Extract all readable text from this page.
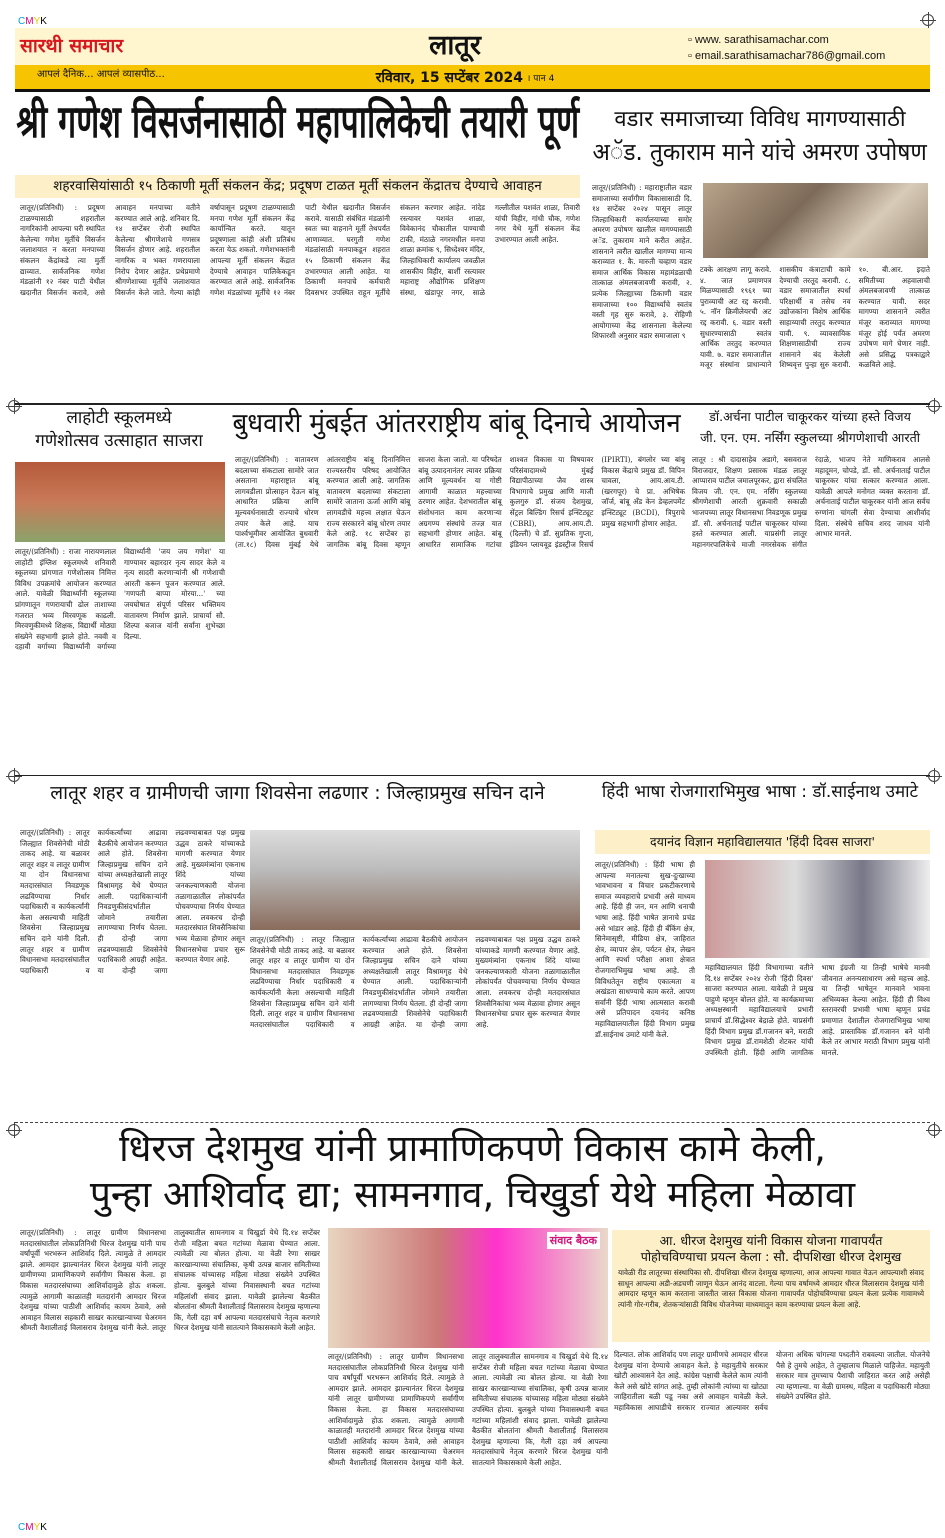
CMYK
सारथी समाचार	लातूर	▫ www. sarathisamachar.com
▫ email.sarathisamachar786@gmail.com
आपलं दैनिक... आपलं व्यासपीठ...	रविवार, 15 सप्टेंबर 2024 । पान 4
श्री गणेश विसर्जनासाठी महापालिकेची तयारी पूर्ण
शहरवासियांसाठी १५ ठिकाणी मूर्ती संकलन केंद्र; प्रदूषण टाळत मूर्ती संकलन केंद्रातच देण्याचे आवाहन
लातूर/(प्रतिनिधी) : प्रदूषण टाळण्यासाठी शहरातील नागरिकांनी आपल्या घरी स्थापित केलेल्या गणेश मूर्तीचे विसर्जन जलाशयात न करता मनपाच्या संकलन केंद्रांकडे त्या मुर्ती द्याव्यात. सार्वजनिक गणेश मंडळांनी १२ नंबर पाटी येथील खदानीत विसर्जन करावे, असे आवाहन मनपाच्या वतीने करण्यात आले आहे. शनिवार दि. १४ सप्टेंबर रोजी स्थापित केलेल्या श्रीगणेशाचे गणसत्र विसर्जन होणार आहे. शहरातील नागरिक व भक्त गणरायाला निरोप देणार आहेत. प्रथेप्रमाणे श्रीगणेशाच्या मूर्तीचे जलाशयात विसर्जन केले जाते. गेल्या कांही वर्षापासून प्रदूषण टाळण्यासाठी मनपा गणेश मूर्ती संकलन केंद्र कार्यान्वित करते. यातून प्रदूषणाला कांही अंशी प्रतिबंध करता येऊ शकतो. गणेशभक्तांनी आपल्या मूर्ती संकलन केंद्रात देण्याचे आवाहन पालिकेकडून करण्यात आले आहे. सार्वजनिक गणेश मंडळांच्या मूर्तीचे १२ नंबर पाटी येथील खदानीत विसर्जन करावे. यासाठी संबंधित मंडळांनी स्वतः च्या वाहनाने मूर्ती तेथपर्यंत आणाव्यात. घरगुती गणेश मंडळांसाठी मनपाकडून शहरात १५ ठिकाणी संकलन केंद्र उभारण्यात आली आहेत. या ठिकाणी मनपाचे कर्मचारी दिवसभर उपस्थित राहून मूर्तीचे संकलन करणार आहेत. नांदेड रस्त्यावर यशवंत शाळा, विवेकानंद चौकातील पाण्याची टाकी, मंठाळे नगरमधील मनपा शाळा क्रमांक ९, सिध्देश्वर मंदिर, जिल्हाधिकारी कार्यालय जवळील शासकीय विहीर, बार्शी रस्त्यावर महाराष्ट्र औद्योगिक प्रशिक्षण संस्था, खंडापूर नगर, साळे गल्लीतील यशवंत शाळा, तिवारी यांची विहीर, गांधी चौक, गणेश नगर येथे मूर्ती संकलन केंद्र उभारण्यात आली आहेत.
वडार समाजाच्या विविध मागण्यासाठी
अॅड. तुकाराम माने यांचे अमरण उपोषण
लातूर/(प्रतिनिधी) : महाराष्ट्रातील वडार समाजाच्या सर्वांगीण विकासासाठी दि. १४ सप्टेंबर २०२४ पासून लातूर जिल्हाधिकारी कार्यालयाच्या समोर अमरण उपोषण खालील मागण्यासाठी अॅड. तुकाराम माने करीत आहेत. शासनाने त्वरीत खालील मागण्या मान्य कराव्यात १. कै. मारुती चव्हाण वडार समाज आर्थिक विकास महामंडळाची तात्काळ अंमलबजावणी करावी, २. प्रत्येक जिल्ह्याच्या ठिकाणी वडार समाजाच्या १०० विद्यार्थ्यांचे स्वतंत्र वस्ती गृह सुरु करावे, ३. रोहिणी आयोगाच्या केंद्र शासनाला केलेल्या शिफारशी अनुसार वडार समाजाला ९
टक्के आरक्षण लागू करावे. ४. जात प्रमाणपत्र मिळण्यासाठी १९६१ च्या पुराव्याची अट रद्द करावी. ५. नॉन क्रिमीलेयरची अट रद्द करावी. ६. वडार वस्ती सुधारण्यासाठी स्वतंत्र आर्थिक तरतुद करण्यात यावी. ७. वडार समाजातील मजूर संस्थांना प्राधान्याने शासकीय कंत्राटाची कामे देण्याची तरतूद करावी. ८. वडार समाजातील स्पर्धा परिक्षार्थी व तसेच नव उद्योजकांना विशेष आर्थिक साहाय्याची तरतुद करण्यात यावी. ९. व्यावसायिक शिक्षणासाठीची राज्य शासनाने बंद केलेली शिष्यवृत्त पुन्हा सुरु करावी. १०. बी.आर. इदाते समितीच्या अहवालाची अंमलबजावणी तात्काळ करण्यात यावी. सदर मागण्या शासनाने त्वरीत मंजूर कराव्यात मागण्या मंजूर होई पर्यंत अमरण उपोषण मागे घेणार नाही. असे प्रसिद्ध पत्रकाद्वारे कळविले आहे.
लाहोटी स्कूलमध्ये
गणेशोत्सव उत्साहात साजरा
लातूर/(प्रतिनिधी) : राजा नारायणलाल लाहोटी इंग्लिश स्कूलमध्ये शनिवारी स्कूलच्या प्रांगणात गणेशोत्सव निमित्त विविध उपक्रमांचे आयोजन करण्यात आले. यावेळी विद्यार्थ्यांनी स्कूलच्या प्रांगणातून गणरायाची ढोल ताशाच्या गजरात भव्य मिरवणूक काढली. मिरवणुकीमध्ये शिक्षक, विद्यार्थी मोठ्या संख्येने सहभागी झाले होते. नववी व दहावी वर्गाच्या विद्यार्थ्यांनी वर्गाच्या विद्यार्थ्यांनी 'जय जय गणेश' या गाण्यावर बहारदार नृत्य सादर केले व नृत्य सादरी करणाऱ्यांनी श्री गणेशाची आरती करून पूजन करण्यात आले. 'गणपती बाप्पा मोरया...' च्या जयघोषात संपूर्ण परिसर भक्तिमय वातावरण निर्माण झाले. प्राचार्या सौ. शिल्पा बजाज यांनी सर्वांना शुभेच्छा दिल्या.
बुधवारी मुंबईत आंतरराष्ट्रीय बांबू दिनाचे आयोजन
लातूर/(प्रतिनिधी) : वातावरण बदलाच्या संकटाला सामोरे जात असताना महाराष्ट्रात बांबू लागवडीला प्रोत्साहन देऊन बांबू आधारित प्रक्रिया आणि मूल्यवर्धनासाठी राज्याचे धोरण तयार केले आहे. याच पार्श्वभूमीवर आयोजित बुधवारी (ता.१८) दिवस मुंबई येथे आंतरराष्ट्रीय बांबू दिनानिमित्त राज्यस्तरीय परिषद आयोजित करण्यात आली आहे. जागतिक वातावरण बदलाच्या संकटाला सामोरे जाताना ऊर्जा आणि बांबू लागवडीचे महत्त्व लक्षात घेऊन राज्य सरकारने बांबू धोरण तयार केले आहे. १८ सप्टेंबर हा जागतिक बांबू दिवस म्हणून साजरा केला जातो. या परिषदेत बांबू उत्पादनानंतर त्यावर प्रक्रिया आणि मूल्यवर्धन या गोष्टी आगामी काळात महत्त्वाच्या ठरणार आहेत. देशभरातील बांबू संशोधनात काम करणाऱ्या अग्रगण्य संस्थांचे तज्ज्ञ यात सहभागी होणार आहेत. बांबू आधारित सामाजिक गटांचा शाश्वत विकास या विषयावर परिसंवादामध्ये मुंबई विद्यापीठाच्या जैव शास्त्र विभागाचे प्रमुख आणि माजी कुलगुरु डॉ. संजय देशमुख, सेंट्रल बिल्डिंग रिसर्च इन्स्टिट्यूट (CBRI), आय.आय.टी. (दिल्ली) चे डॉ. सुप्रतिक गुप्ता, इंडियन प्लायवूड इंडस्ट्रीज रिसर्च (IPIRTI), बंगलोर च्या बांबू विकास केंद्राचे प्रमुख डॉ. विपिन चावला, आय.आय.टी. (खरगपूर) चे प्रा. अभिषेक जॉर्ज, बांबू अँड केन डेव्हलपमेंट इन्स्टिट्यूट (BCDI), त्रिपुराचे प्रमुख सहभागी होणार आहेत.
डॉ.अर्चना पाटील चाकूरकर यांच्या हस्ते विजय
जी. एन. एम. नर्सिंग स्कुलच्या श्रीगणेशाची आरती
लातूर : श्री दादासाहेब अडागे, बसवराज विराजदार, शिक्षण प्रसारक मंडळ लातूर आप्पाराव पाटील जमालपूरकर, द्वारा संचलित विजय जी. एन. एम. नर्सिंग स्कुलच्या श्रीगणेशाची आरती शुक्रवारी सकाळी भाजपच्या लातूर विधानसभा निवडणूक प्रमुख डॉ. सौ. अर्चनाताई पाटील चाकूरकर यांच्या हस्ते करण्यात आली. याप्रसंगी लातूर महानगरपालिकेचे माजी नगरसेवक संगीत रंदाळे, भाजप नेते माणिकराव आलसे महादूमन, चोपडे, डॉ. सौ. अर्चनाताई पाटील चाकूरकर यांचा सत्कार करण्यात आला. यावेळी आपले मनोगत व्यक्त करताना डॉ. अर्चनाताई पाटील चाकूरकर यांनी आज सर्वच रुग्णांना चांगली सेवा देण्याचा आशीर्वाद दिला. संस्थेचे सचिव शरद जाधव यांनी आभार मानले.
लातूर शहर व ग्रामीणची जागा शिवसेना लढणार : जिल्हाप्रमुख सचिन दाने
लातूर/(प्रतिनिधी) : लातूर जिल्ह्यात शिवसेनेची मोठी ताकद आहे. या बळावर लातूर शहर व लातूर ग्रामीण या दोन विधानसभा मतदारसंघात निवडणूक लढविण्याचा निर्धार पदाधिकारी व कार्यकर्त्यांनी केला असल्याची माहिती शिवसेना जिल्हाप्रमुख सचिन दाने यांनी दिली. लातूर शहर व ग्रामीण विधानसभा मतदारसंघातील पदाधिकारी व कार्यकर्त्यांच्या आढावा बैठकीचे आयोजन करण्यात आले होते. शिवसेना जिल्हाप्रमुख सचिन दाने यांच्या अध्यक्षतेखाली लातूर विश्रामगृह येथे घेण्यात आली. पदाधिकाऱ्यांनी निवडणुकीसंदर्भातील जोमाने तयारीला लागण्याचा निर्णय घेतला. ही दोन्ही जागा लढवण्यासाठी शिवसेनेचे पदाधिकारी आग्रही आहेत. या दोन्ही जागा लढवण्याबाबत पक्ष प्रमुख उद्धव ठाकरे यांच्याकडे मागणी करण्यात येणार आहे. मुख्यमंत्र्यांना एकनाथ शिंदे यांच्या जनकल्याणकारी योजना तळागाळातील लोकांपर्यंत पोचवण्याचा निर्णय घेण्यात आला. लवकरच दोन्ही मतदारसंघात शिवसैनिकांचा भव्य मेळावा होणार असून विधानसभेचा प्रचार सुरू करण्यात येणार आहे.
लातूर/(प्रतिनिधी) : लातूर जिल्ह्यात शिवसेनेची मोठी ताकद आहे. या बळावर लातूर शहर व लातूर ग्रामीण या दोन विधानसभा मतदारसंघात निवडणूक लढविण्याचा निर्धार पदाधिकारी व कार्यकर्त्यांनी केला असल्याची माहिती शिवसेना जिल्हाप्रमुख सचिन दाने यांनी दिली. लातूर शहर व ग्रामीण विधानसभा मतदारसंघातील पदाधिकारी व कार्यकर्त्यांच्या आढावा बैठकीचे आयोजन करण्यात आले होते. शिवसेना जिल्हाप्रमुख सचिन दाने यांच्या अध्यक्षतेखाली लातूर विश्रामगृह येथे घेण्यात आली. पदाधिकाऱ्यांनी निवडणुकीसंदर्भातील जोमाने तयारीला लागण्याचा निर्णय घेतला. ही दोन्ही जागा लढवण्यासाठी शिवसेनेचे पदाधिकारी आग्रही आहेत. या दोन्ही जागा लढवण्याबाबत पक्ष प्रमुख उद्धव ठाकरे यांच्याकडे मागणी करण्यात येणार आहे. मुख्यमंत्र्यांना एकनाथ शिंदे यांच्या जनकल्याणकारी योजना तळागाळातील लोकांपर्यंत पोचवण्याचा निर्णय घेण्यात आला. लवकरच दोन्ही मतदारसंघात शिवसैनिकांचा भव्य मेळावा होणार असून विधानसभेचा प्रचार सुरू करण्यात येणार आहे.
हिंदी भाषा रोजगाराभिमुख भाषा : डॉ.साईनाथ उमाटे
दयानंद विज्ञान महाविद्यालयात 'हिंदी दिवस साजरा'
लातूर/(प्रतिनिधी) : हिंदी भाषा ही आपल्या मनातल्या सुख-दुःखाच्या भावभावना व विचार प्रकटीकरणाचे समाज व्यवहाराचे प्रभावी असे माध्यम आहे. हिंदी ही जन, मन आणि धनाची भाषा आहे. हिंदी भाषेत ज्ञानाचे प्रचंड असे भांडार आहे. हिंदी ही बँकिंग क्षेत्र, सिनेमासृष्टी, मीडिया क्षेत्र, जाहिरात क्षेत्र, व्यापार क्षेत्र, पर्यटन क्षेत्र, लेखन आणि स्पर्धा परीक्षा आशा क्षेत्रात रोजगाराभिमुख भाषा आहे. ती विविधतेतून राष्ट्रीय एकात्मता व अखंडता साधण्याचे काम करते. आपण सर्वांनी हिंदी भाषा आत्मसात करावी असे प्रतिपादन दयानंद कनिष्ठ महाविद्यालयातील हिंदी विभाग प्रमुख डॉ.साईनाथ उमाटे यांनी केले.
महाविद्यालयात हिंदी विभागाच्या वतीने दि.१४ सप्टेंबर २०२४ रोजी 'हिंदी दिवस' साजरा करण्यात आला. यावेळी ते प्रमुख पाहुणे म्हणून बोलत होते. या कार्यक्रमाच्या अध्यक्षस्थानी महाविद्यालयाचे प्रभारी प्राचार्य डॉ.सिद्धेश्वर बेद्राळे होते. याप्रसंगी हिंदी विभाग प्रमुख डॉ.गजानन बने, मराठी विभाग प्रमुख डॉ.रामशेठी शेटकर यांची उपस्थिती होती. हिंदी आणि जागतिक भाषा इंग्रजी या तिन्ही भाषेचे मानवी जीवनात अनन्यसाधारण असे महत्त्व आहे. या तिन्ही भाषेतून मानवाने भावना अभिव्यक्त केल्या आहेत. हिंदी ही विश्व स्तरावरची प्रभावी भाषा म्हणून प्रचंड प्रमाणात देशातील रोजगाराभिमुख भाषा आहे. प्रास्ताविक डॉ.गजानन बने यांनी केले तर आभार मराठी विभाग प्रमुख यांनी मानले.
धिरज देशमुख यांनी प्रामाणिकपणे विकास कामे केली,
पुन्हा आशिर्वाद द्या; सामनगाव, चिखुर्डा येथे महिला मेळावा
लातूर/(प्रतिनिधी) : लातूर ग्रामीण विधानसभा मतदारसंघातील लोकप्रतिनिधी धिरज देशमुख यांनी पाच वर्षांपूर्वी भरभरून आशिर्वाद दिले. त्यामुळे ते आमदार झाले. आमदार झाल्यानंतर धिरज देशमुख यांनी लातूर ग्रामीणच्या प्रामाणिकपणे सर्वांगीण विकास केला. हा विकास मतदारसंघाच्या आशिर्वादामुळे होऊ शकला. त्यामुळे आगामी काळातही मतदारांनी आमदार धिरज देशमुख यांच्या पाठीशी आशिर्वाद कायम ठेवावे, असे आवाहन विलास सहकारी साखर कारखान्याच्या चेअरमन श्रीमती वैशालीताई विलासराव देशमुख यांनी केले. लातूर तालुक्यातील सामनगाव व चिखुर्डा येथे दि.१४ सप्टेंबर रोजी महिला बचत गटांच्या मेळावा घेण्यात आला. त्यावेळी त्या बोलत होत्या. या वेळी रेणा साखर कारखान्याच्या संचालिका, कृषी उत्पन्न बाजार समितीच्या संचालक यांच्यासह महिला मोठ्या संख्येने उपस्थित होत्या. बुलबुले यांच्या निवासस्थानी बचत गटांच्या महिलांशी संवाद झाला. यावेळी झालेल्या बैठकीत बोलतांना श्रीमती वैशालीताई विलासराव देशमुख म्हणाल्या कि, गेली दहा वर्ष आपल्या मतदारसंघाचे नेतृत्व करणारे धिरज देशमुख यांनी सातत्याने विकासकामे केली आहेत.
संवाद बैठक
लातूर/(प्रतिनिधी) : लातूर ग्रामीण विधानसभा मतदारसंघातील लोकप्रतिनिधी धिरज देशमुख यांनी पाच वर्षांपूर्वी भरभरून आशिर्वाद दिले. त्यामुळे ते आमदार झाले. आमदार झाल्यानंतर धिरज देशमुख यांनी लातूर ग्रामीणच्या प्रामाणिकपणे सर्वांगीण विकास केला. हा विकास मतदारसंघाच्या आशिर्वादामुळे होऊ शकला. त्यामुळे आगामी काळातही मतदारांनी आमदार धिरज देशमुख यांच्या पाठीशी आशिर्वाद कायम ठेवावे, असे आवाहन विलास सहकारी साखर कारखान्याच्या चेअरमन श्रीमती वैशालीताई विलासराव देशमुख यांनी केले. लातूर तालुक्यातील सामनगाव व चिखुर्डा येथे दि.१४ सप्टेंबर रोजी महिला बचत गटांच्या मेळावा घेण्यात आला. त्यावेळी त्या बोलत होत्या. या वेळी रेणा साखर कारखान्याच्या संचालिका, कृषी उत्पन्न बाजार समितीच्या संचालक यांच्यासह महिला मोठ्या संख्येने उपस्थित होत्या. बुलबुले यांच्या निवासस्थानी बचत गटांच्या महिलांशी संवाद झाला. यावेळी झालेल्या बैठकीत बोलतांना श्रीमती वैशालीताई विलासराव देशमुख म्हणाल्या कि, गेली दहा वर्ष आपल्या मतदारसंघाचे नेतृत्व करणारे धिरज देशमुख यांनी सातत्याने विकासकामे केली आहेत.
आ. धीरज देशमुख यांनी विकास योजना गावापर्यंत
पोहोचविण्याचा प्रयत्न केला : सौ. दीपशिखा धीरज देशमुख
यावेळी रीड लातूरच्या संस्थापिका सौ. दीपशिखा धीरज देशमुख म्हणाल्या, आज आपल्या गावात येऊन आपल्याशी संवाद साधून आपल्या अडी-अडचणी जाणून घेऊन आनंद वाटला. गेल्या पाच वर्षामध्ये आमदार धीरज विलासराव देशमुख यांनी आमदार म्हणून काम करताना जास्तीत जास्त विकास योजना गावापर्यंत पोहोचविण्याचा प्रयत्न केला प्रत्येक गावामध्ये त्यांनी गोर-गरीब, शेतकऱ्यांसाठी विविध योजनेच्या माध्यमातून काम करण्याचा प्रयत्न केला आहे.
दिल्यात. लोक आशिर्वाद पण लातूर ग्रामीणचे आमदार धीरज देशमुख यांना देण्याचे आवाहन केले. हे महायुतीचे सरकार खोटी आश्वासने देत आहे. कांग्रेस पक्षाची केलेले काम त्यांनी केले असे खोटे सांगत आहे. तुम्ही लोकांनी त्यांच्या या खोट्या जाहिरातीला बळी पडू नका असे आवाहन यावेळी केले. महाविकास आघाडीचे सरकार राज्यात आल्यावर सर्वच योजना अधिक चांगल्या पध्दतीने राबवल्या जातील. योजनेचे पैसे हे तुमचे आहेत, ते तुम्हालाच मिळाले पाहिजेत. महायुती सरकार मात्र तुमच्याच पैशाची जाहिरात करत आहे असेही त्या म्हणाल्या. या वेळी ग्रामस्थ, महिला व पदाधिकारी मोठ्या संख्येने उपस्थित होते.
CMYK
